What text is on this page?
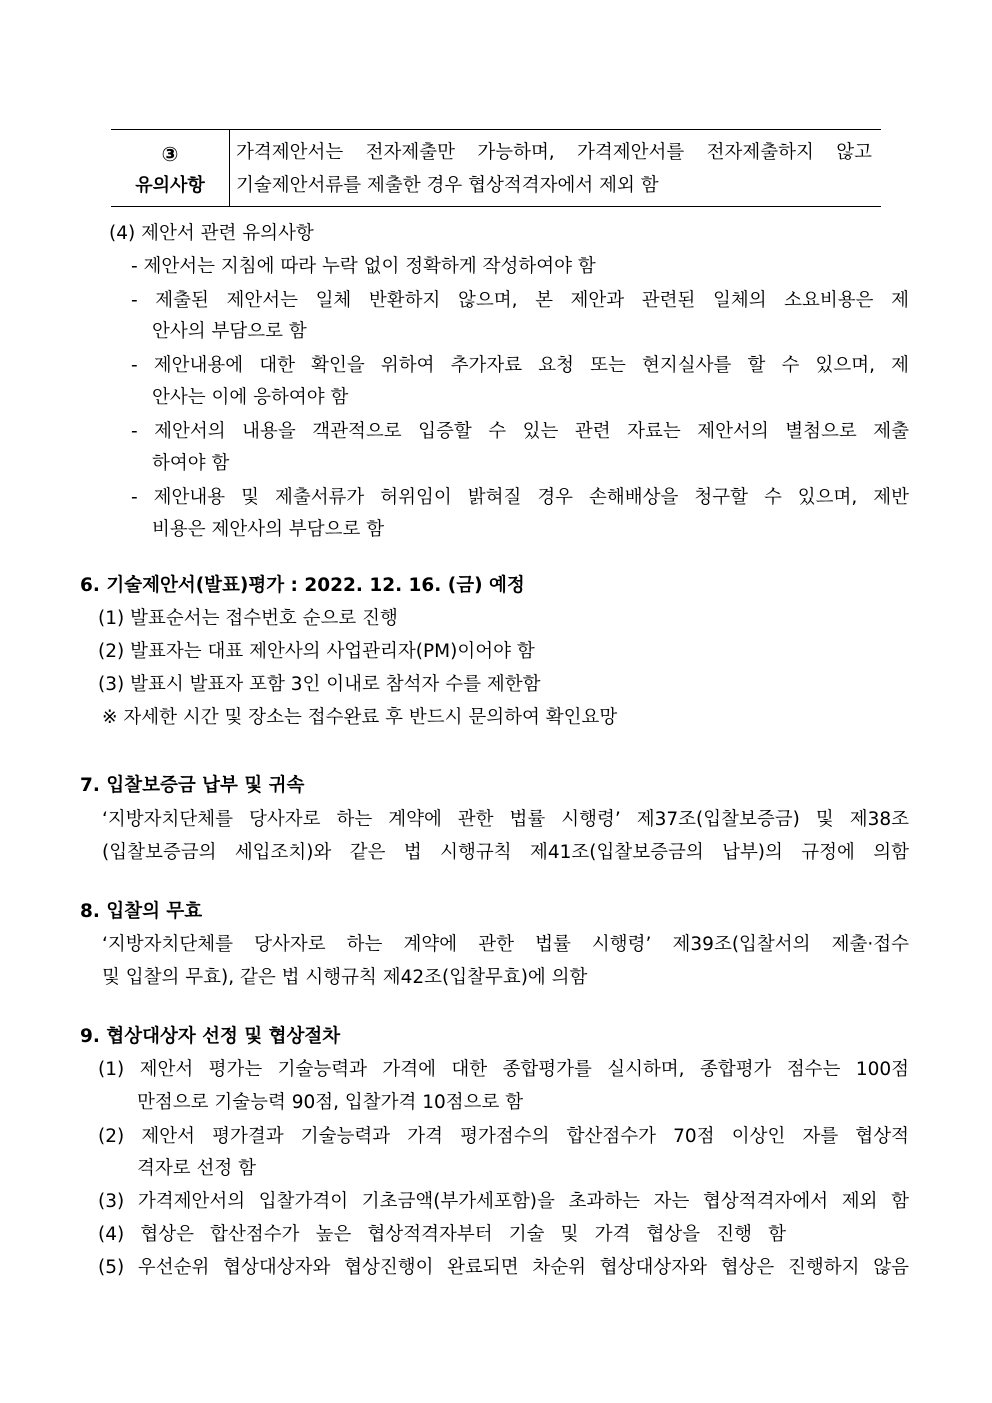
③
유의사항
가격제안서는 전자제출만 가능하며, 가격제안서를 전자제출하지 않고
기술제안서류를 제출한 경우 협상적격자에서 제외 함
(4) 제안서 관련 유의사항
- 제안서는 지침에 따라 누락 없이 정확하게 작성하여야 함
- 제출된 제안서는 일체 반환하지 않으며, 본 제안과 관련된 일체의 소요비용은 제
안사의 부담으로 함
- 제안내용에 대한 확인을 위하여 추가자료 요청 또는 현지실사를 할 수 있으며, 제
안사는 이에 응하여야 함
- 제안서의 내용을 객관적으로 입증할 수 있는 관련 자료는 제안서의 별첨으로 제출
하여야 함
- 제안내용 및 제출서류가 허위임이 밝혀질 경우 손해배상을 청구할 수 있으며, 제반
비용은 제안사의 부담으로 함
6. 기술제안서(발표)평가 : 2022. 12. 16. (금) 예정
(1) 발표순서는 접수번호 순으로 진행
(2) 발표자는 대표 제안사의 사업관리자(PM)이어야 함
(3) 발표시 발표자 포함 3인 이내로 참석자 수를 제한함
※ 자세한 시간 및 장소는 접수완료 후 반드시 문의하여 확인요망
7. 입찰보증금 납부 및 귀속
‘지방자치단체를 당사자로 하는 계약에 관한 법률 시행령’ 제37조(입찰보증금) 및 제38조
(입찰보증금의 세입조치)와 같은 법 시행규칙 제41조(입찰보증금의 납부)의 규정에 의함
8. 입찰의 무효
‘지방자치단체를 당사자로 하는 계약에 관한 법률 시행령’ 제39조(입찰서의 제출·접수
및 입찰의 무효), 같은 법 시행규칙 제42조(입찰무효)에 의함
9. 협상대상자 선정 및 협상절차
(1) 제안서 평가는 기술능력과 가격에 대한 종합평가를 실시하며, 종합평가 점수는 100점
만점으로 기술능력 90점, 입찰가격 10점으로 함
(2) 제안서 평가결과 기술능력과 가격 평가점수의 합산점수가 70점 이상인 자를 협상적
격자로 선정 함
(3) 가격제안서의 입찰가격이 기초금액(부가세포함)을 초과하는 자는 협상적격자에서 제외 함
(4) 협상은 합산점수가 높은 협상적격자부터 기술 및 가격 협상을 진행 함
(5) 우선순위 협상대상자와 협상진행이 완료되면 차순위 협상대상자와 협상은 진행하지 않음
